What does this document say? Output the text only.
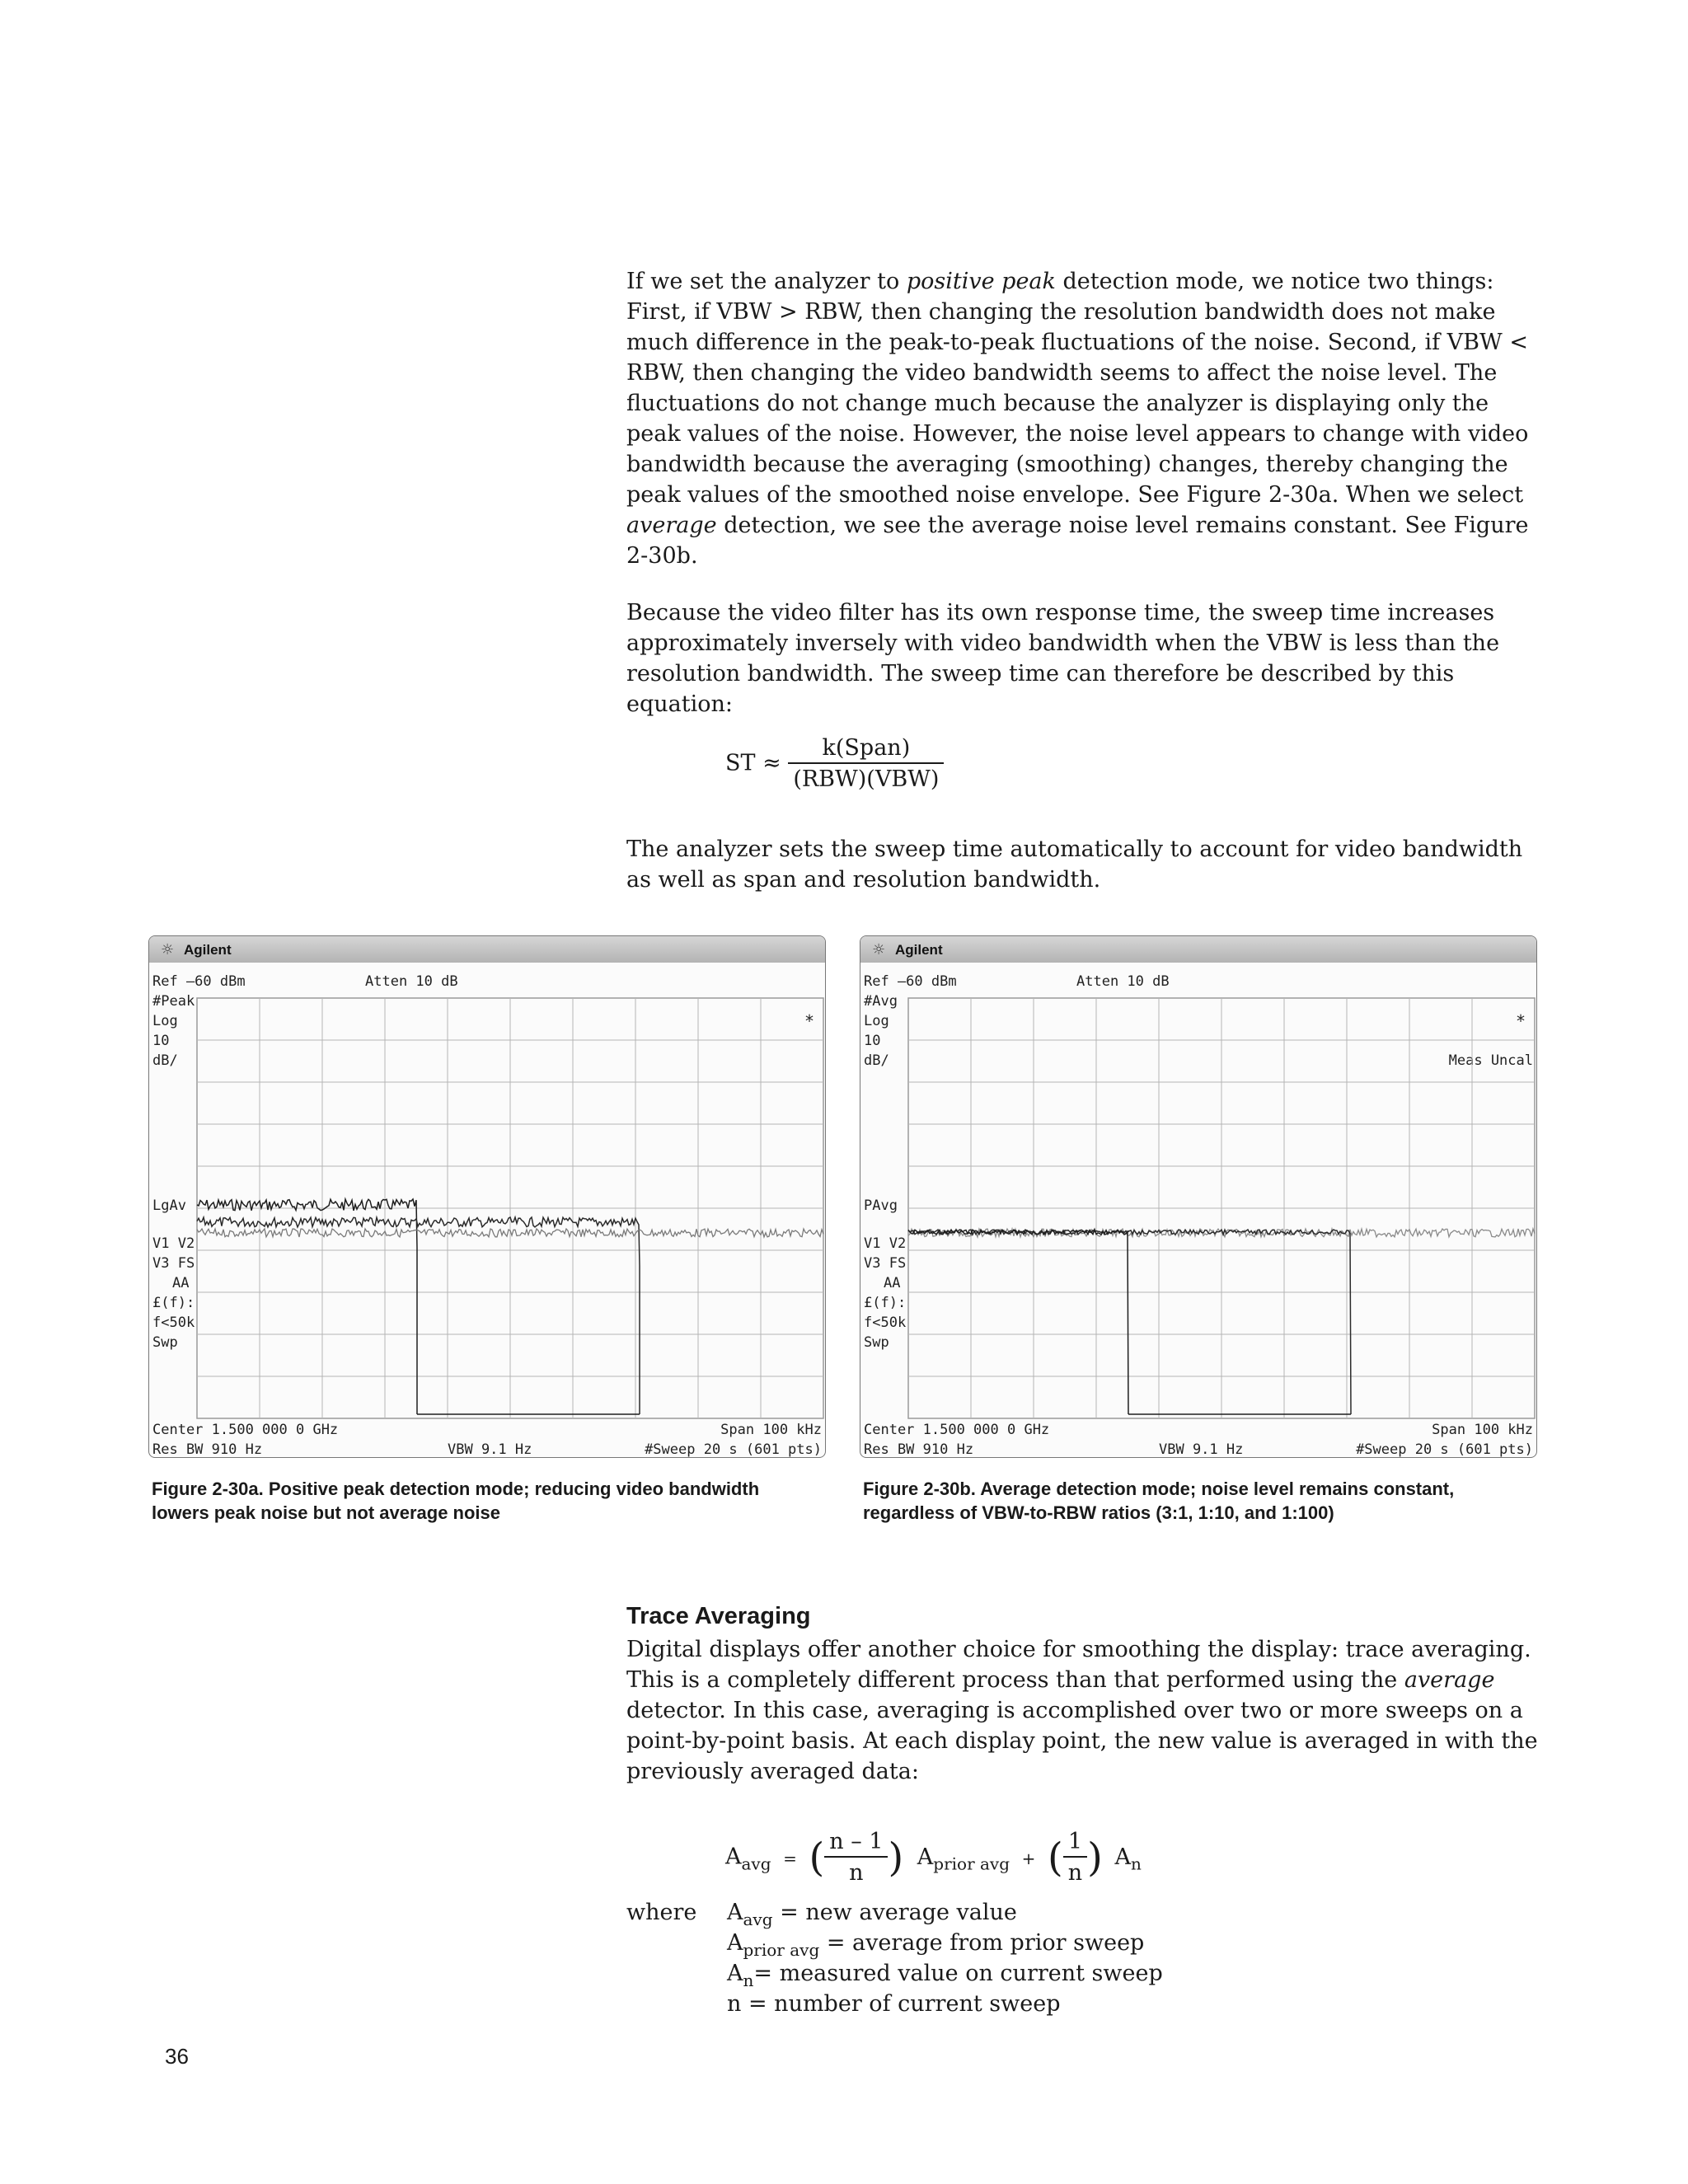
If we set the analyzer to positive peak detection mode, we notice two things: First, if VBW > RBW, then changing the resolution bandwidth does not make much difference in the peak-to-peak fluctuations of the noise. Second, if VBW < RBW, then changing the video bandwidth seems to affect the noise level. The fluctuations do not change much because the analyzer is displaying only the peak values of the noise. However, the noise level appears to change with video bandwidth because the averaging (smoothing) changes, thereby changing the peak values of the smoothed noise envelope. See Figure 2-30a. When we select average detection, we see the average noise level remains constant. See Figure 2-30b.

Because the video filter has its own response time, the sweep time increases approximately inversely with video bandwidth when the VBW is less than the resolution bandwidth. The sweep time can therefore be described by this equation:

ST ≈ $\frac{\text{k(Span)}}{\text{(RBW)(VBW)}}$

The analyzer sets the sweep time automatically to account for video bandwidth as well as span and resolution bandwidth.

☼ Agilent
Ref –60 dBm	Atten 10 dB
#Peak
Log
10
dB/
*
LgAv
V1 V2
V3 FS
AA
£(f):
f<50k
Swp
Center 1.500 000 0 GHz	Span 100 kHz
Res BW 910 Hz	VBW 9.1 Hz	#Sweep 20 s (601 pts)

Figure 2-30a. Positive peak detection mode; reducing video bandwidth lowers peak noise but not average noise

☼ Agilent
Ref –60 dBm	Atten 10 dB
#Avg
Log
10
dB/
*
Meas Uncal
PAvg
V1 V2
V3 FS
AA
£(f):
f<50k
Swp
Center 1.500 000 0 GHz	Span 100 kHz
Res BW 910 Hz	VBW 9.1 Hz	#Sweep 20 s (601 pts)

Figure 2-30b. Average detection mode; noise level remains constant, regardless of VBW-to-RBW ratios (3:1, 1:10, and 1:100)

Trace Averaging

Digital displays offer another choice for smoothing the display: trace averaging. This is a completely different process than that performed using the average detector. In this case, averaging is accomplished over two or more sweeps on a point-by-point basis. At each display point, the new value is averaged in with the previously averaged data:

$A_{avg}$ = ( $\frac{n - 1}{n}$ ) $A_{prior avg}$ + ( $\frac{1}{n}$ ) $A_n$
where $A_{avg}$ = new average value
$A_{prior avg}$ = average from prior sweep
$A_n=$ measured value on current sweep
n = number of current sweep
36
